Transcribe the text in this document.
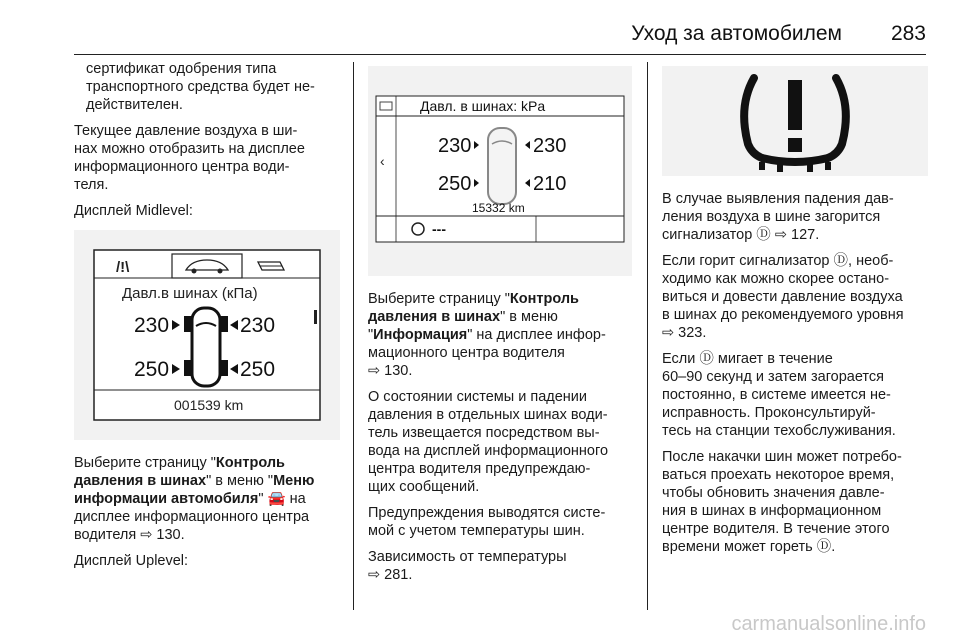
Уход за автомобилем 283

сертификат одобрения типа
транспортного средства будет не-
действителен.

Текущее давление воздуха в ши-
нах можно отобразить на дисплее
информационного центра води-
теля.

Дисплей Midlevel:

/!\
Давл.в шинах (кПа)
230
250
230
250
001539 km

Выберите страницу "Контроль давления в шинах" в меню "Меню информации автомобиля" 🚘 на дисплее информационного центра водителя ⇨ 130.

Дисплей Uplevel:

Давл. в шинах: kPa
‹
230
250
230
210
15332 km
---

Выберите страницу "Контроль давления в шинах" в меню "Информация" на дисплее инфор-мационного центра водителя
⇨ 130.

О состоянии системы и падении
давления в отдельных шинах води-
тель извещается посредством вы-
вода на дисплей информационного
центра водителя предупреждаю-
щих сообщений.

Предупреждения выводятся систе-
мой с учетом температуры шин.

Зависимость от температуры
⇨ 281.

В случае выявления падения дав-
ления воздуха в шине загорится
сигнализатор Ⓓ ⇨ 127.

Если горит сигнализатор Ⓓ, необ-
ходимо как можно скорее остано-
виться и довести давление воздуха
в шинах до рекомендуемого уровня
⇨ 323.

Если Ⓓ мигает в течение
60–90 секунд и затем загорается
постоянно, в системе имеется не-
исправность. Проконсультируй-
тесь на станции техобслуживания.

После накачки шин может потребо-
ваться проехать некоторое время,
чтобы обновить значения давле-
ния в шинах в информационном
центре водителя. В течение этого
времени может гореть Ⓓ.

carmanualsonline.info
